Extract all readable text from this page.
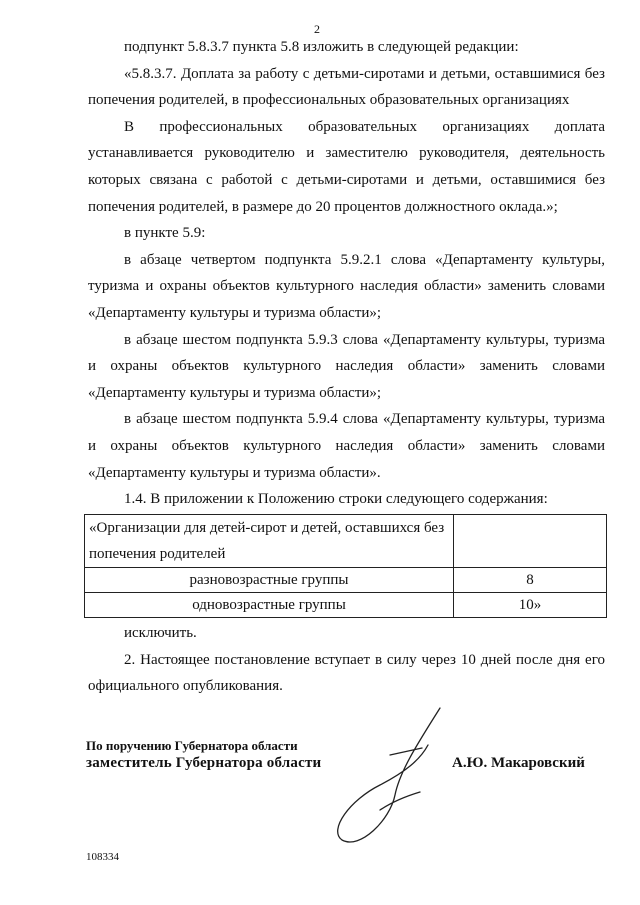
2

подпункт 5.8.3.7 пункта 5.8 изложить в следующей редакции:

«5.8.3.7. Доплата за работу с детьми-сиротами и детьми, оставшимися без попечения родителей, в профессиональных образовательных организациях

В профессиональных образовательных организациях доплата устанавливается руководителю и заместителю руководителя, деятельность которых связана с работой с детьми-сиротами и детьми, оставшимися без попечения родителей, в размере до 20 процентов должностного оклада.»;

в пункте 5.9:

в абзаце четвертом подпункта 5.9.2.1 слова «Департаменту культуры, туризма и охраны объектов культурного наследия области» заменить словами «Департаменту культуры и туризма области»;

в абзаце шестом подпункта 5.9.3 слова «Департаменту культуры, туризма и охраны объектов культурного наследия области» заменить словами «Департаменту культуры и туризма области»;

в абзаце шестом подпункта 5.9.4 слова «Департаменту культуры, туризма и охраны объектов культурного наследия области» заменить словами «Департаменту культуры и туризма области».

1.4. В приложении к Положению строки следующего содержания:

«Организации для детей-сирот и детей, оставшихся без попечения родителей	
разновозрастные группы	8
одновозрастные группы	10»

исключить.

2. Настоящее постановление вступает в силу через 10 дней после дня его официального опубликования.

По поручению Губернатора области
заместитель Губернатора области	А.Ю. Макаровский
108334
